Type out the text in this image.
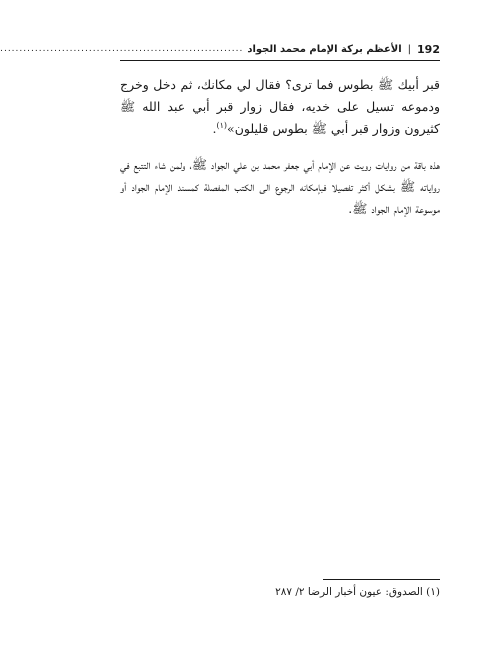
192
|
الأعظم بركة الإمام محمد الجواد
...............................................................

قبر أبيك ﷺ بطوس فما ترى؟ فقال لي مكانك، ثم دخل وخرج ودموعه تسيل على خديه، فقال زوار قبر أبي عبد الله ﷺ كثيرون وزوار قبر أبي ﷺ بطوس قليلون»$^{(١)}$.

هذه باقة من روايات رويت عن الإمام أبي جعفر محمد بن علي الجواد ﷺ، ولمن شاء التتبع في رواياته ﷺ بشكل أكثر تفصيلا فبإمكانه الرجوع الى الكتب المفصلة كمسند الإمام الجواد أو موسوعة الإمام الجواد ﷺ.

(١) الصدوق: عيون أخبار الرضا ٢/ ٢٨٧
